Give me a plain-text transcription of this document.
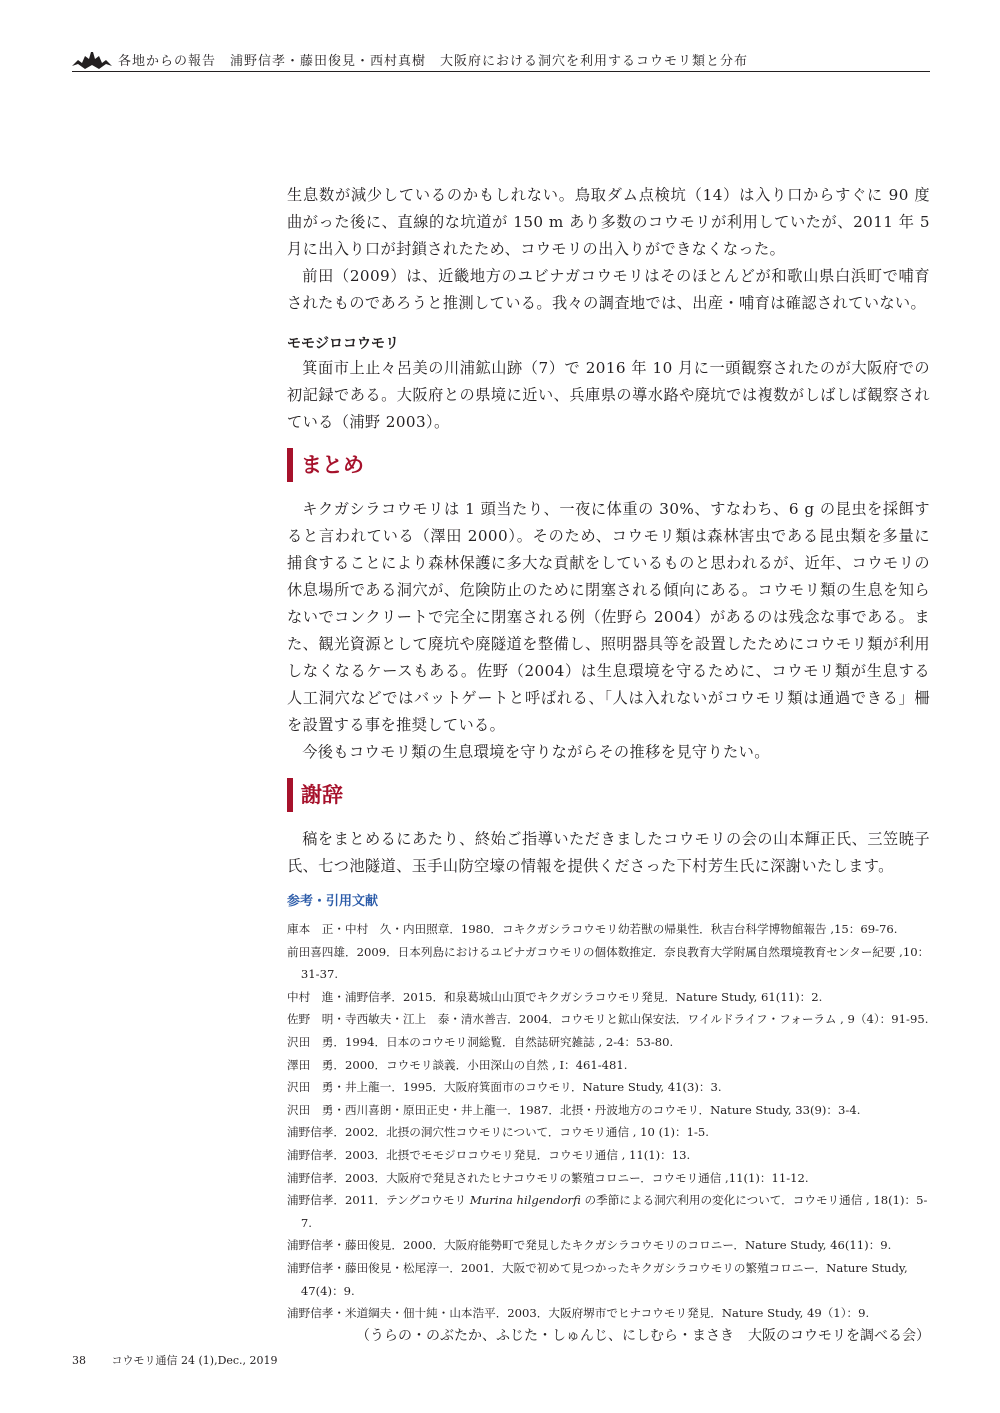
各地からの報告　浦野信孝・藤田俊見・西村真樹　大阪府における洞穴を利用するコウモリ類と分布

生息数が減少しているのかもしれない。鳥取ダム点検坑（14）は入り口からすぐに 90 度曲がった後に、直線的な坑道が 150 m あり多数のコウモリが利用していたが、2011 年 5 月に出入り口が封鎖されたため、コウモリの出入りができなくなった。

前田（2009）は、近畿地方のユビナガコウモリはそのほとんどが和歌山県白浜町で哺育されたものであろうと推測している。我々の調査地では、出産・哺育は確認されていない。

モモジロコウモリ

箕面市上止々呂美の川浦鉱山跡（7）で 2016 年 10 月に一頭観察されたのが大阪府での初記録である。大阪府との県境に近い、兵庫県の導水路や廃坑では複数がしばしば観察されている（浦野 2003）。

まとめ

キクガシラコウモリは 1 頭当たり、一夜に体重の 30%、すなわち、6 g の昆虫を採餌すると言われている（澤田 2000）。そのため、コウモリ類は森林害虫である昆虫類を多量に捕食することにより森林保護に多大な貢献をしているものと思われるが、近年、コウモリの休息場所である洞穴が、危険防止のために閉塞される傾向にある。コウモリ類の生息を知らないでコンクリートで完全に閉塞される例（佐野ら 2004）があるのは残念な事である。また、観光資源として廃坑や廃隧道を整備し、照明器具等を設置したためにコウモリ類が利用しなくなるケースもある。佐野（2004）は生息環境を守るために、コウモリ類が生息する人工洞穴などではバットゲートと呼ばれる、「人は入れないがコウモリ類は通過できる」柵を設置する事を推奨している。

今後もコウモリ類の生息環境を守りながらその推移を見守りたい。

謝辞

稿をまとめるにあたり、終始ご指導いただきましたコウモリの会の山本輝正氏、三笠暁子氏、七つ池隧道、玉手山防空壕の情報を提供くださった下村芳生氏に深謝いたします。

参考・引用文献
庫本　正・中村　久・内田照章．1980．コキクガシラコウモリ幼若獣の帰巣性．秋吉台科学博物館報告 ,15：69-76.
前田喜四雄．2009．日本列島におけるユビナガコウモリの個体数推定．奈良教育大学附属自然環境教育センター紀要 ,10：31-37.
中村　進・浦野信孝．2015．和泉葛城山山頂でキクガシラコウモリ発見．Nature Study, 61(11)：2.
佐野　明・寺西敏夫・江上　泰・清水善吉．2004．コウモリと鉱山保安法．ワイルドライフ・フォーラム , 9（4）：91-95.
沢田　勇．1994．日本のコウモリ洞総覧．自然誌研究雑誌 , 2-4：53-80.
澤田　勇．2000．コウモリ談義．小田深山の自然 , Ⅰ：461-481.
沢田　勇・井上龍一．1995．大阪府箕面市のコウモリ．Nature Study, 41(3)：3.
沢田　勇・西川喜朗・原田正史・井上龍一．1987．北摂・丹波地方のコウモリ．Nature Study, 33(9)：3-4.
浦野信孝．2002．北摂の洞穴性コウモリについて．コウモリ通信 , 10 (1)：1-5.
浦野信孝．2003．北摂でモモジロコウモリ発見．コウモリ通信 , 11(1)：13.
浦野信孝．2003．大阪府で発見されたヒナコウモリの繁殖コロニー．コウモリ通信 ,11(1)：11-12.
浦野信孝．2011．テングコウモリ Murina hilgendorfi の季節による洞穴利用の変化について．コウモリ通信 , 18(1)：5-7.
浦野信孝・藤田俊見．2000．大阪府能勢町で発見したキクガシラコウモリのコロニー．Nature Study, 46(11)：9.
浦野信孝・藤田俊見・松尾淳一．2001．大阪で初めて見つかったキクガシラコウモリの繁殖コロニー．Nature Study, 47(4)：9.
浦野信孝・米道綱夫・佃十純・山本浩平．2003．大阪府堺市でヒナコウモリ発見．Nature Study, 49（1）：9.
（うらの・のぶたか、ふじた・しゅんじ、にしむら・まさき　大阪のコウモリを調べる会）
38 コウモリ通信 24 (1),Dec., 2019
